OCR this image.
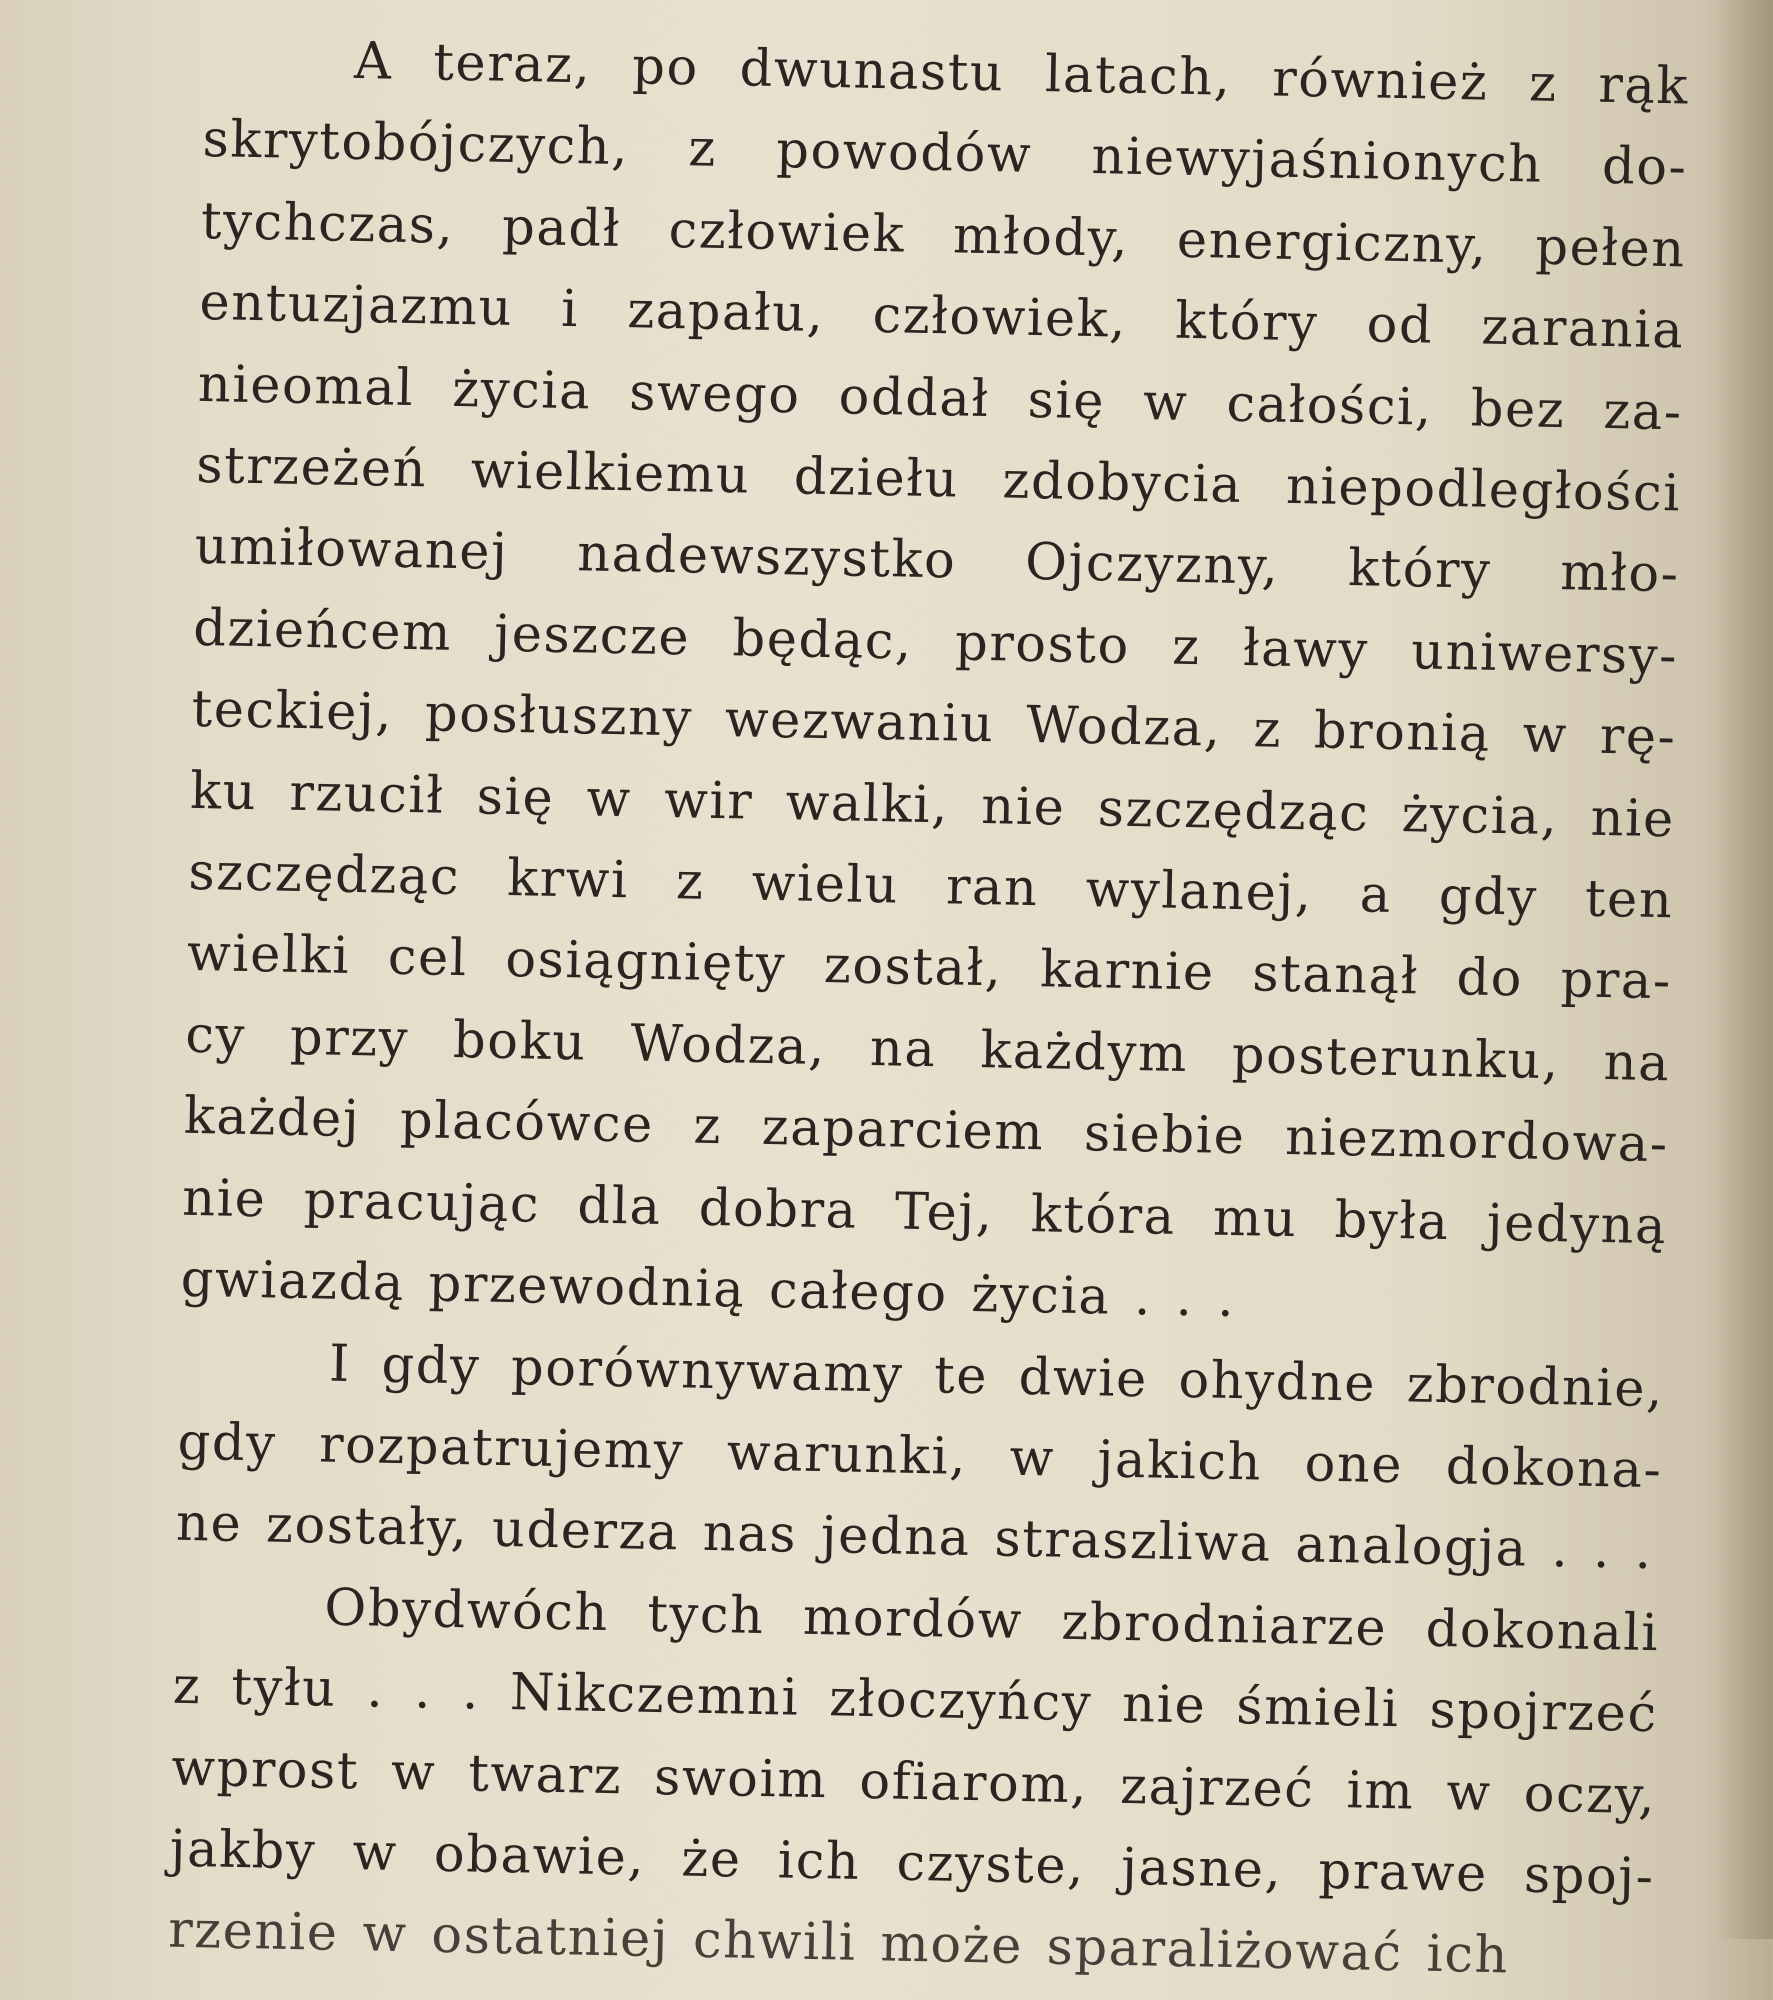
A teraz, po dwunastu latach, również z rąk
skrytobójczych, z powodów niewyjaśnionych do-
tychczas, padł człowiek młody, energiczny, pełen
entuzjazmu i zapału, człowiek, który od zarania
nieomal życia swego oddał się w całości, bez za-
strzeżeń wielkiemu dziełu zdobycia niepodległości
umiłowanej nadewszystko Ojczyzny, który mło-
dzieńcem jeszcze będąc, prosto z ławy uniwersy-
teckiej, posłuszny wezwaniu Wodza, z bronią w rę-
ku rzucił się w wir walki, nie szczędząc życia, nie
szczędząc krwi z wielu ran wylanej, a gdy ten
wielki cel osiągnięty został, karnie stanął do pra-
cy przy boku Wodza, na każdym posterunku, na
każdej placówce z zaparciem siebie niezmordowa-
nie pracując dla dobra Tej, która mu była jedyną
gwiazdą przewodnią całego życia . . .
I gdy porównywamy te dwie ohydne zbrodnie,
gdy rozpatrujemy warunki, w jakich one dokona-
ne zostały, uderza nas jedna straszliwa analogja . . .
Obydwóch tych mordów zbrodniarze dokonali
z tyłu . . . Nikczemni złoczyńcy nie śmieli spojrzeć
wprost w twarz swoim ofiarom, zajrzeć im w oczy,
jakby w obawie, że ich czyste, jasne, prawe spoj-
rzenie w ostatniej chwili może sparaliżować ich
